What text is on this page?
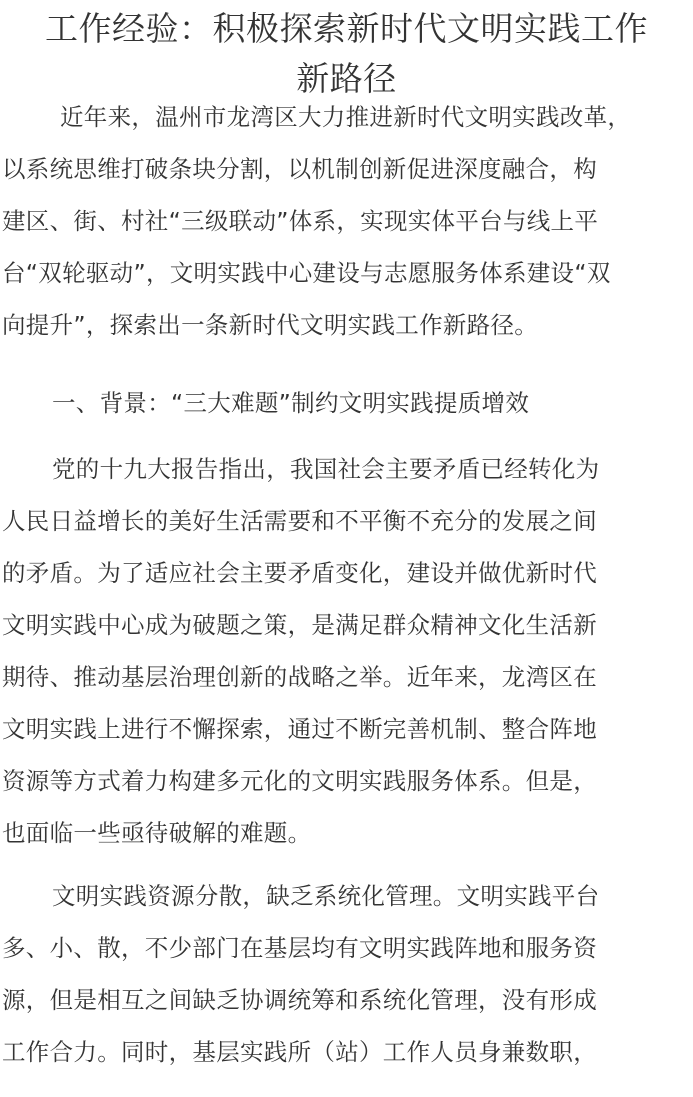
工作经验：积极探索新时代文明实践工作
新路径
近年来，温州市龙湾区大力推进新时代文明实践改革，
以系统思维打破条块分割，以机制创新促进深度融合，构
建区、街、村社“三级联动”体系，实现实体平台与线上平
台“双轮驱动”，文明实践中心建设与志愿服务体系建设“双
向提升”，探索出一条新时代文明实践工作新路径。
一、背景：“三大难题”制约文明实践提质增效
党的十九大报告指出，我国社会主要矛盾已经转化为
人民日益增长的美好生活需要和不平衡不充分的发展之间
的矛盾。为了适应社会主要矛盾变化，建设并做优新时代
文明实践中心成为破题之策，是满足群众精神文化生活新
期待、推动基层治理创新的战略之举。近年来，龙湾区在
文明实践上进行不懈探索，通过不断完善机制、整合阵地
资源等方式着力构建多元化的文明实践服务体系。但是，
也面临一些亟待破解的难题。
文明实践资源分散，缺乏系统化管理。文明实践平台
多、小、散，不少部门在基层均有文明实践阵地和服务资
源，但是相互之间缺乏协调统筹和系统化管理，没有形成
工作合力。同时，基层实践所（站）工作人员身兼数职，
